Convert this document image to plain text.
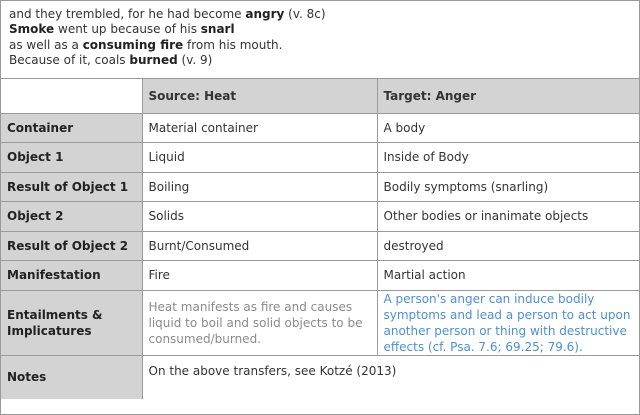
and they trembled, for he had become angry (v. 8c)
Smoke went up because of his snarl
as well as a consuming fire from his mouth.
Because of it, coals burned (v. 9)
	Source: Heat	Target: Anger
Container	Material container	A body
Object 1	Liquid	Inside of Body
Result of Object 1	Boiling	Bodily symptoms (snarling)
Object 2	Solids	Other bodies or inanimate objects
Result of Object 2	Burnt/Consumed	destroyed
Manifestation	Fire	Martial action
Entailments & Implicatures	Heat manifests as fire and causes liquid to boil and solid objects to be consumed/burned.	A person's anger can induce bodily symptoms and lead a person to act upon another person or thing with destructive effects (cf. Psa. 7.6; 69.25; 79.6).
Notes	On the above transfers, see Kotzé (2013)	
